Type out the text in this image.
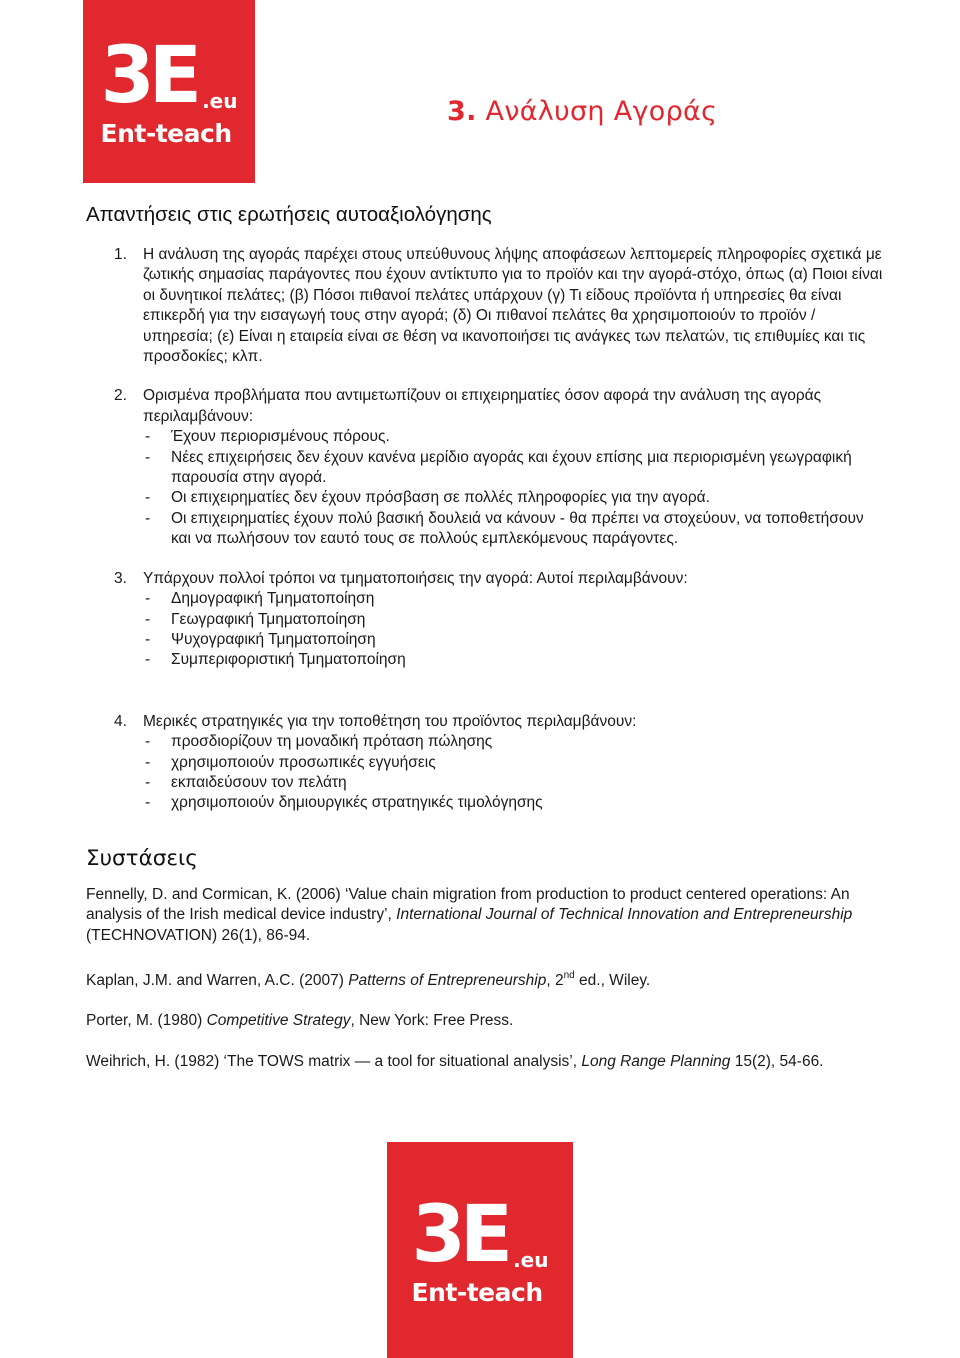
3E .eu
Ent-teach
3. Ανάλυση Αγοράς
Απαντήσεις στις ερωτήσεις αυτοαξιολόγησης
1. Η ανάλυση της αγοράς παρέχει στους υπεύθυνους λήψης αποφάσεων λεπτομερείς πληροφορίες σχετικά με ζωτικής σημασίας παράγοντες που έχουν αντίκτυπο για το προϊόν και την αγορά-στόχο, όπως (α) Ποιοι είναι οι δυνητικοί πελάτες; (β) Πόσοι πιθανοί πελάτες υπάρχουν (γ) Τι είδους προϊόντα ή υπηρεσίες θα είναι επικερδή για την εισαγωγή τους στην αγορά; (δ) Οι πιθανοί πελάτες θα χρησιμοποιούν το προϊόν / υπηρεσία; (ε) Είναι η εταιρεία είναι σε θέση να ικανοποιήσει τις ανάγκες των πελατών, τις επιθυμίες και τις προσδοκίες; κλπ.
2. Ορισμένα προβλήματα που αντιμετωπίζουν οι επιχειρηματίες όσον αφορά την ανάλυση της αγοράς περιλαμβάνουν:
- Έχουν περιορισμένους πόρους.
- Νέες επιχειρήσεις δεν έχουν κανένα μερίδιο αγοράς και έχουν επίσης μια περιορισμένη γεωγραφική παρουσία στην αγορά.
- Οι επιχειρηματίες δεν έχουν πρόσβαση σε πολλές πληροφορίες για την αγορά.
- Οι επιχειρηματίες έχουν πολύ βασική δουλειά να κάνουν - θα πρέπει να στοχεύουν, να τοποθετήσουν και να πωλήσουν τον εαυτό τους σε πολλούς εμπλεκόμενους παράγοντες.
3. Υπάρχουν πολλοί τρόποι να τμηματοποιήσεις την αγορά: Αυτοί περιλαμβάνουν:
- Δημογραφική Τμηματοποίηση
- Γεωγραφική Τμηματοποίηση
- Ψυχογραφική Τμηματοποίηση
- Συμπεριφοριστική Τμηματοποίηση
4. Μερικές στρατηγικές για την τοποθέτηση του προϊόντος περιλαμβάνουν:
- προσδιορίζουν τη μοναδική πρόταση πώλησης
- χρησιμοποιούν προσωπικές εγγυήσεις
- εκπαιδεύσουν τον πελάτη
- χρησιμοποιούν δημιουργικές στρατηγικές τιμολόγησης
Συστάσεις

Fennelly, D. and Cormican, K. (2006) ‘Value chain migration from production to product centered operations: An analysis of the Irish medical device industry’, International Journal of Technical Innovation and Entrepreneurship (TECHNOVATION) 26(1), 86-94.

Kaplan, J.M. and Warren, A.C. (2007) Patterns of Entrepreneurship, 2nd ed., Wiley.

Porter, M. (1980) Competitive Strategy, New York: Free Press.

Weihrich, H. (1982) ‘The TOWS matrix — a tool for situational analysis’, Long Range Planning 15(2), 54-66.

3E .eu
Ent-teach
